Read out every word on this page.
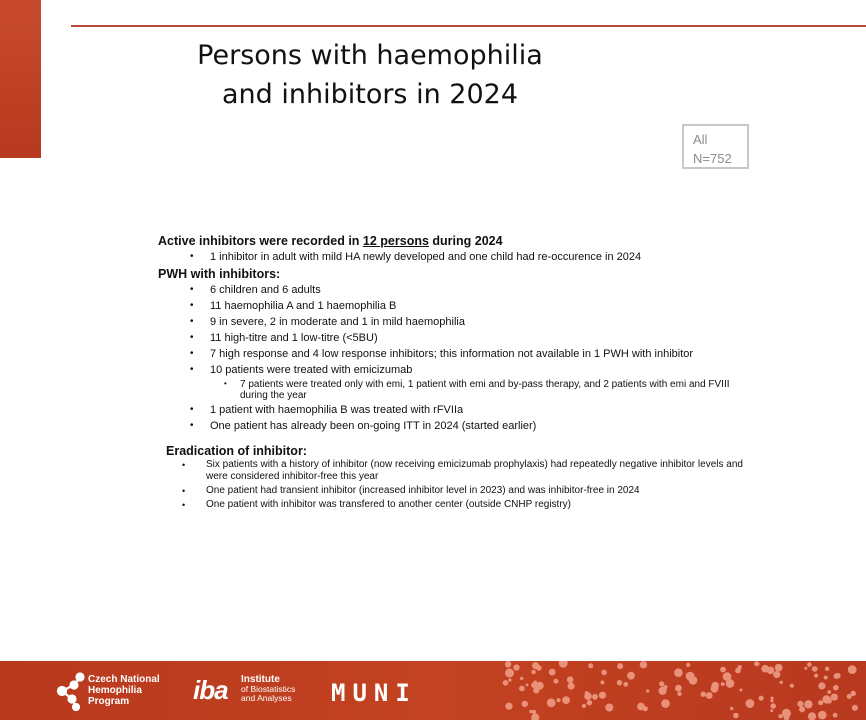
Persons with haemophilia
and inhibitors in 2024
All
N=752

Active inhibitors were recorded in 12 persons during 2024

• 1 inhibitor in adult with mild HA newly developed and one child had re-occurence in 2024

PWH with inhibitors:

• 6 children and 6 adults
• 11 haemophilia A and 1 haemophilia B
• 9 in severe, 2 in moderate and 1 in mild haemophilia
• 11 high-titre and 1 low-titre (<5BU)
• 7 high response and 4 low response inhibitors; this information not available in 1 PWH with inhibitor
• 10 patients were treated with emicizumab
• 7 patients were treated only with emi, 1 patient with emi and by-pass therapy, and 2 patients with emi and FVIII during the year
• 1 patient with haemophilia B was treated with rFVIIa
• One patient has already been on-going ITT in 2024 (started earlier)

Eradication of inhibitor:

• Six patients with a history of inhibitor (now receiving emicizumab prophylaxis) had repeatedly negative inhibitor levels and were considered inhibitor-free this year
• One patient had transient inhibitor (increased inhibitor level in 2023) and was inhibitor-free in 2024
• One patient with inhibitor was transfered to another center (outside CNHP registry)
Czech National
Hemophilia
Program	iba Institute
of Biostatistics
and Analyses MUNI
